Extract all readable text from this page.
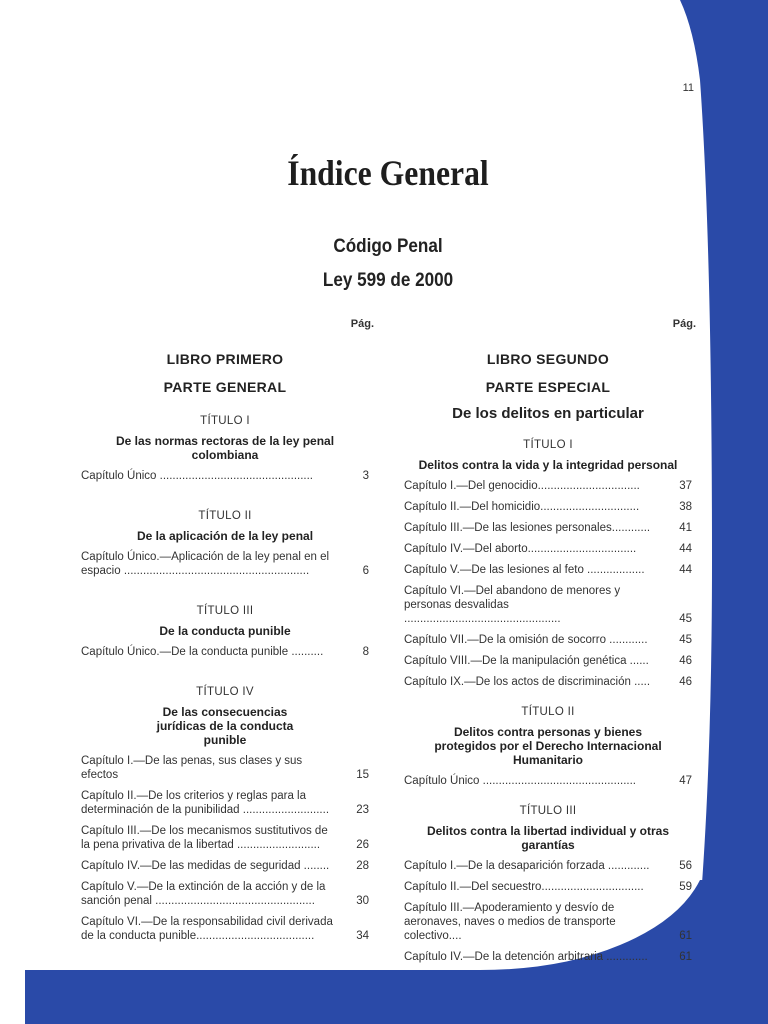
11
Índice General
Código Penal
Ley 599 de 2000
Pág.	Pág.
LIBRO PRIMERO
PARTE GENERAL
TÍTULO I
De las normas rectoras de la ley penal colombiana
Capítulo Único ................................................	3
TÍTULO II
De la aplicación de la ley penal
Capítulo Único.—Aplicación de la ley penal en el espacio ..........................................................	6
TÍTULO III
De la conducta punible
Capítulo Único.—De la conducta punible ..........	8
TÍTULO IV
De las consecuencias jurídicas de la conducta punible
Capítulo I.—De las penas, sus clases y sus efectos	15
Capítulo II.—De los criterios y reglas para la determinación de la punibilidad ...........................	23
Capítulo III.—De los mecanismos sustitutivos de la pena privativa de la libertad ..........................	26
Capítulo IV.—De las medidas de seguridad ........	28
Capítulo V.—De la extinción de la acción y de la sanción penal ..................................................	30
Capítulo VI.—De la responsabilidad civil derivada de la conducta punible.....................................	34
LIBRO SEGUNDO
PARTE ESPECIAL
De los delitos en particular
TÍTULO I
Delitos contra la vida y la integridad personal
Capítulo I.—Del genocidio................................	37
Capítulo II.—Del homicidio...............................	38
Capítulo III.—De las lesiones personales............	41
Capítulo IV.—Del aborto..................................	44
Capítulo V.—De las lesiones al feto ..................	44
Capítulo VI.—Del abandono de menores y personas desvalidas .................................................	45
Capítulo VII.—De la omisión de socorro ............	45
Capítulo VIII.—De la manipulación genética ......	46
Capítulo IX.—De los actos de discriminación .....	46
TÍTULO II
Delitos contra personas y bienes protegidos por el Derecho Internacional Humanitario
Capítulo Único ................................................	47
TÍTULO III
Delitos contra la libertad individual y otras garantías
Capítulo I.—De la desaparición forzada .............	56
Capítulo II.—Del secuestro................................	59
Capítulo III.—Apoderamiento y desvío de aeronaves, naves o medios de transporte colectivo....	61
Capítulo IV.—De la detención arbitraria .............	61
